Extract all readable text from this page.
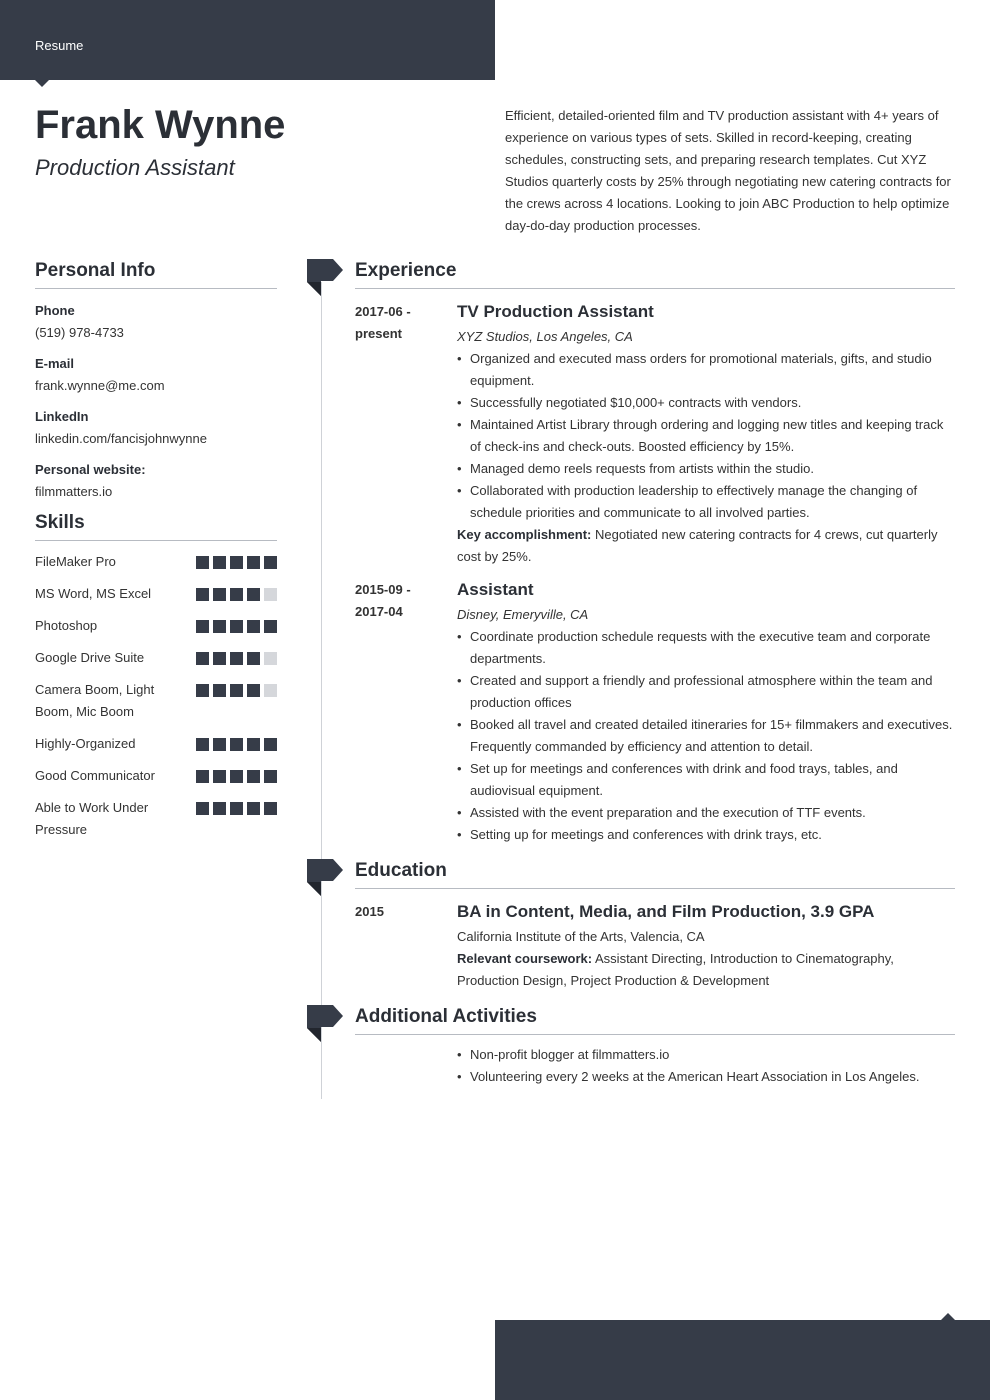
Resume
Frank Wynne
Production Assistant
Efficient, detailed-oriented film and TV production assistant with 4+ years of experience on various types of sets. Skilled in record-keeping, creating schedules, constructing sets, and preparing research templates. Cut XYZ Studios quarterly costs by 25% through negotiating new catering contracts for the crews across 4 locations. Looking to join ABC Production to help optimize day-do-day production processes.
Personal Info
Phone
(519) 978-4733
E-mail
frank.wynne@me.com
LinkedIn
linkedin.com/fancisjohnwynne
Personal website:
filmmatters.io
Skills
FileMaker Pro
MS Word, MS Excel
Photoshop
Google Drive Suite
Camera Boom, Light Boom, Mic Boom
Highly-Organized
Good Communicator
Able to Work Under Pressure
Experience
2017-06 -
present
TV Production Assistant
XYZ Studios, Los Angeles, CA
• Organized and executed mass orders for promotional materials, gifts, and studio equipment.
• Successfully negotiated $10,000+ contracts with vendors.
• Maintained Artist Library through ordering and logging new titles and keeping track of check-ins and check-outs. Boosted efficiency by 15%.
• Managed demo reels requests from artists within the studio.
• Collaborated with production leadership to effectively manage the changing of schedule priorities and communicate to all involved parties.
Key accomplishment: Negotiated new catering contracts for 4 crews, cut quarterly cost by 25%.
2015-09 -
2017-04
Assistant
Disney, Emeryville, CA
• Coordinate production schedule requests with the executive team and corporate departments.
• Created and support a friendly and professional atmosphere within the team and production offices
• Booked all travel and created detailed itineraries for 15+ filmmakers and executives. Frequently commanded by efficiency and attention to detail.
• Set up for meetings and conferences with drink and food trays, tables, and audiovisual equipment.
• Assisted with the event preparation and the execution of TTF events.
• Setting up for meetings and conferences with drink trays, etc.
Education
2015	BA in Content, Media, and Film Production, 3.9 GPA
California Institute of the Arts, Valencia, CA
Relevant coursework: Assistant Directing, Introduction to Cinematography, Production Design, Project Production & Development
Additional Activities
• Non-profit blogger at filmmatters.io
• Volunteering every 2 weeks at the American Heart Association in Los Angeles.
